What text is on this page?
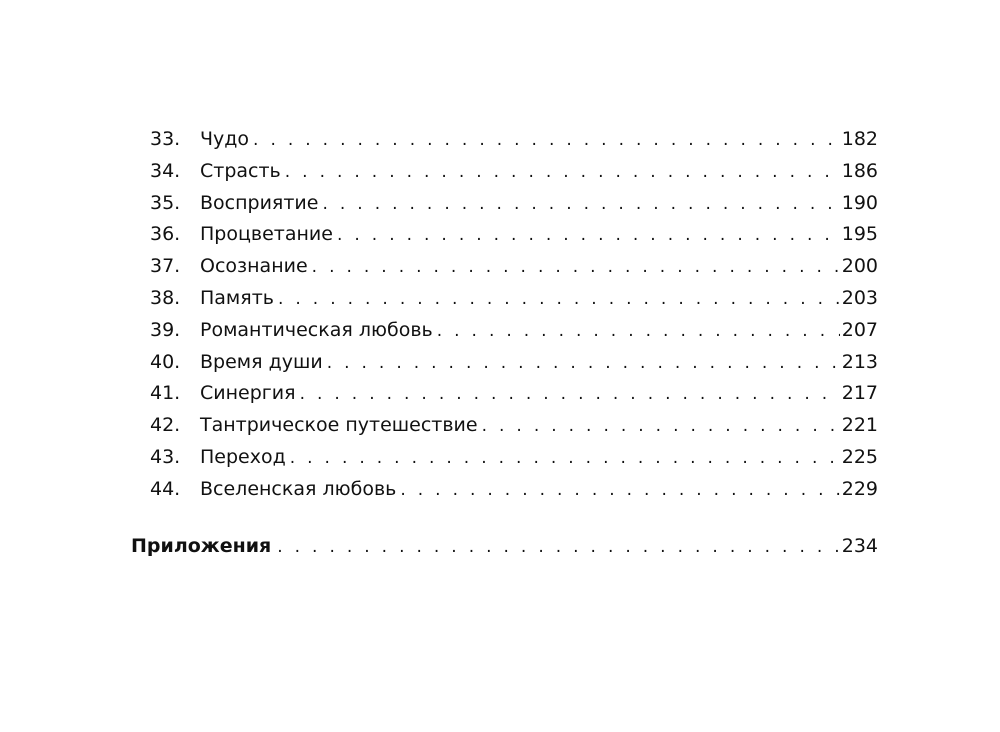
33.	Чудо . . .	182
34.	Страсть . . .	186
35.	Восприятие . . .	190
36.	Процветание . . .	195
37.	Осознание . . .	200
38.	Память . . .	203
39.	Романтическая любовь . . .	207
40.	Время души . . .	213
41.	Синергия . . .	217
42.	Тантрическое путешествие . . .	221
43.	Переход . . .	225
44.	Вселенская любовь . . .	229
Приложения . . .	234
